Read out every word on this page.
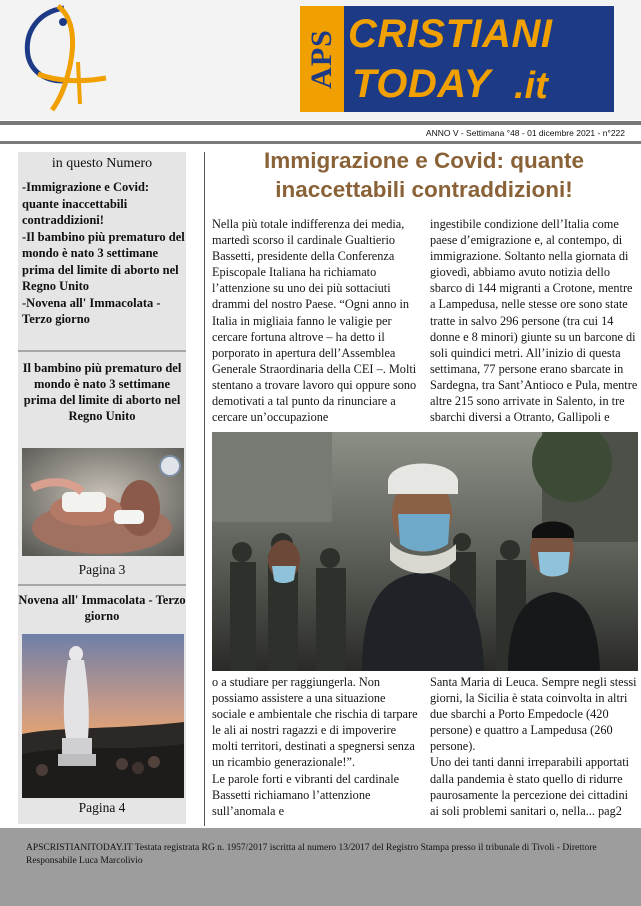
APS CRISTIANI
TODAY .it
ANNO V - Settimana °48 - 01 dicembre 2021 - n°222
in questo Numero
-Immigrazione e Covid: quante inaccettabili contraddizioni!
-Il bambino più prematuro del mondo è nato 3 settimane prima del limite di aborto nel Regno Unito
-Novena all' Immacolata - Terzo giorno
Il bambino più prematuro del mondo è nato 3 settimane prima del limite di aborto nel Regno Unito
Pagina 3
Novena all' Immacolata - Terzo giorno
Pagina 4
Immigrazione e Covid: quante inaccettabili contraddizioni!

Nella più totale indifferenza dei media, martedì scorso il cardinale Gualtierio Bassetti, presidente della Conferenza Episcopale Italiana ha richiamato l’attenzione su uno dei più sottaciuti drammi del nostro Paese. “Ogni anno in Italia in migliaia fanno le valigie per cercare fortuna altrove – ha detto il porporato in apertura dell’Assemblea Generale Straordinaria della CEI –. Molti stentano a trovare lavoro qui oppure sono demotivati a tal punto da rinunciare a cercare un’occupazione

ingestibile condizione dell’Italia come paese d’emigrazione e, al contempo, di immigrazione. Soltanto nella giornata di giovedì, abbiamo avuto notizia dello sbarco di 144 migranti a Crotone, mentre a Lampedusa, nelle stesse ore sono state tratte in salvo 296 persone (tra cui 14 donne e 8 minori) giunte su un barcone di soli quindici metri. All’inizio di questa settimana, 77 persone erano sbarcate in Sardegna, tra Sant’Antioco e Pula, mentre altre 215 sono arrivate in Salento, in tre sbarchi diversi a Otranto, Gallipoli e

o a studiare per raggiungerla. Non possiamo assistere a una situazione sociale e ambientale che rischia di tarpare le ali ai nostri ragazzi e di impoverire molti territori, destinati a spegnersi senza un ricambio generazionale!”.

Le parole forti e vibranti del cardinale Bassetti richiamano l’attenzione sull’anomala e

Santa Maria di Leuca. Sempre negli stessi giorni, la Sicilia è stata coinvolta in altri due sbarchi a Porto Empedocle (420 persone) e quattro a Lampedusa (260 persone).

Uno dei tanti danni irreparabili apportati dalla pandemia è stato quello di ridurre paurosamente la percezione dei cittadini ai soli problemi sanitari o, nella... pag2

APSCRISTIANITODAY.IT Testata registrata RG n. 1957/2017 iscritta al numero 13/2017 del Registro Stampa presso il tribunale di Tivoli - Direttore Responsabile Luca Marcolivio
